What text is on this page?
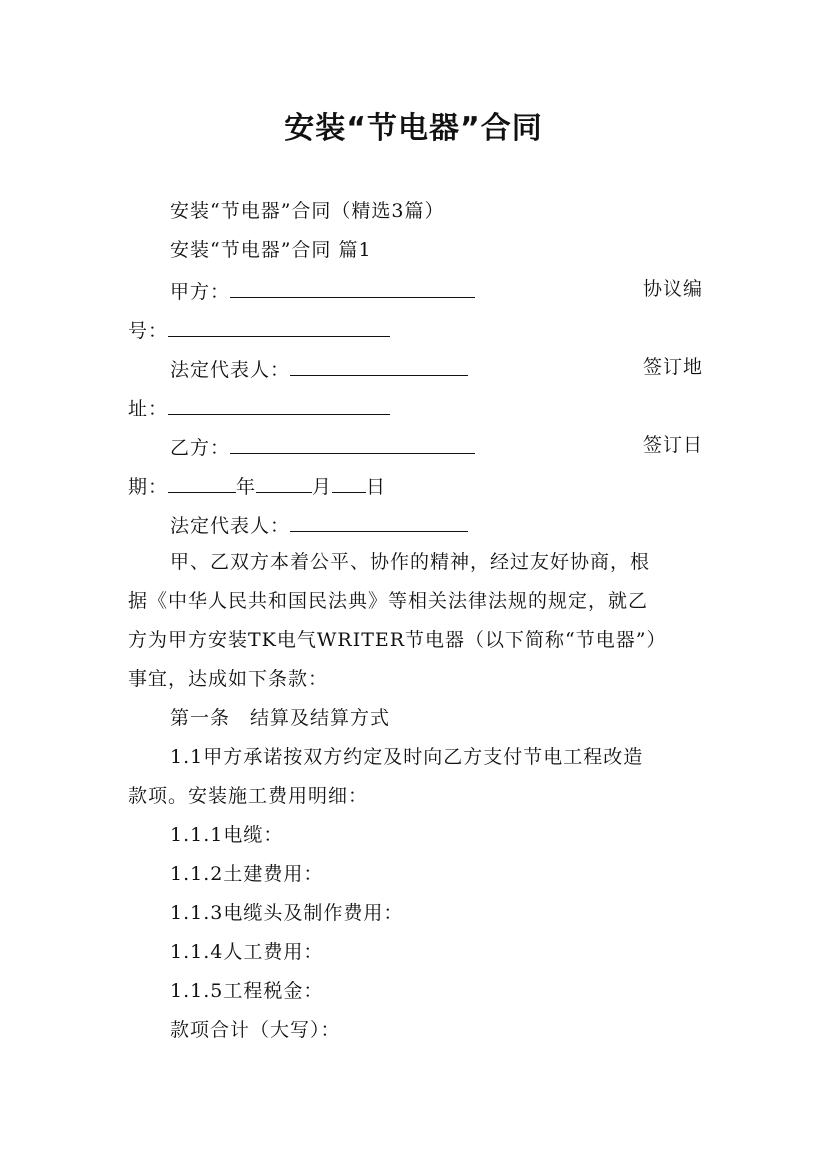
安装“节电器”合同
安装“节电器”合同（精选3篇）
安装“节电器”合同 篇1
甲方：	协议编
号：
法定代表人：	签订地
址：
乙方：	签订日
期：	年	月 日
法定代表人：
甲、乙双方本着公平、协作的精神，经过友好协商，根
据《中华人民共和国民法典》等相关法律法规的规定，就乙
方为甲方安装TK电气WRITER节电器（以下简称“节电器”）
事宜，达成如下条款：
第一条　结算及结算方式
1.1甲方承诺按双方约定及时向乙方支付节电工程改造
款项。安装施工费用明细：
1.1.1电缆：
1.1.2土建费用：
1.1.3电缆头及制作费用：
1.1.4人工费用：
1.1.5工程税金：
款项合计（大写）：
